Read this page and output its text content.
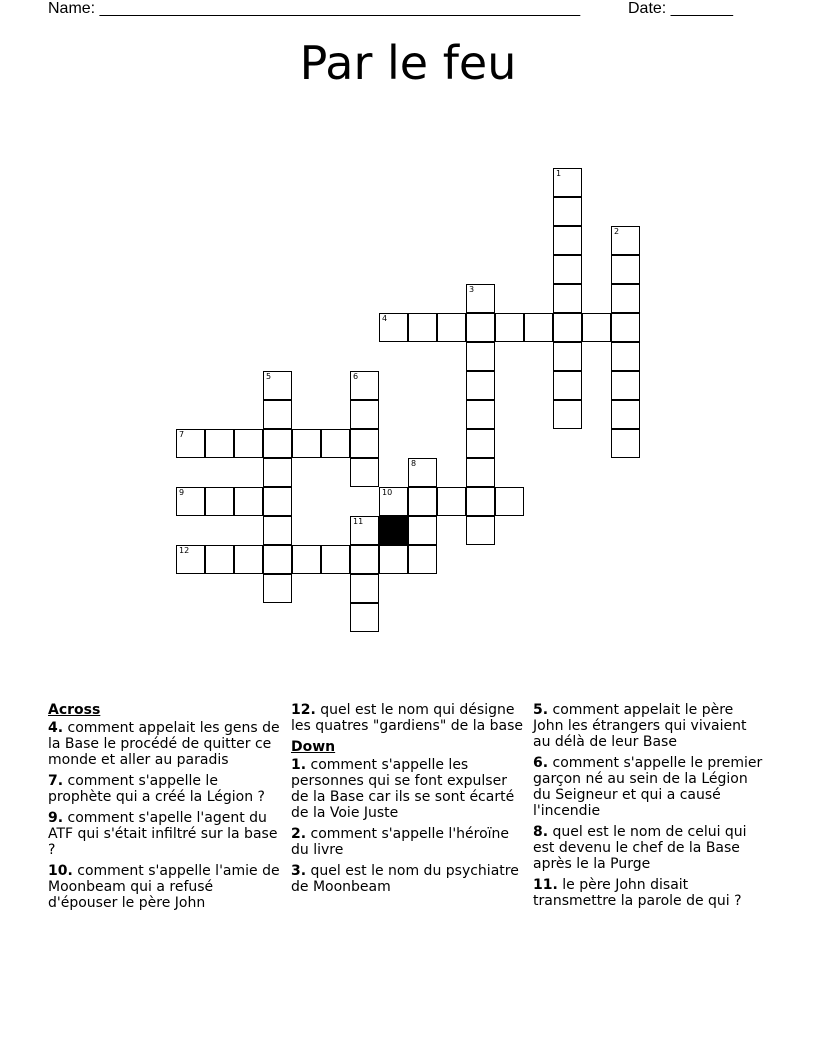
Name: ______________________________________________________	Date: _______
Par le feu
1
2
3
4
5	6
11
7
8
9	10
12
Across
4. comment appelait les gens de la Base le procédé de quitter ce monde et aller au paradis
7. comment s'appelle le prophète qui a créé la Légion ?
9. comment s'apelle l'agent du ATF qui s'était infiltré sur la base ?
10. comment s'appelle l'amie de Moonbeam qui a refusé d'épouser le père John
12. quel est le nom qui désigne les quatres "gardiens" de la base
Down
1. comment s'appelle les personnes qui se font expulser de la Base car ils se sont écarté de la Voie Juste
2. comment s'appelle l'héroïne du livre
3. quel est le nom du psychiatre de Moonbeam
5. comment appelait le père John les étrangers qui vivaient au délà de leur Base
6. comment s'appelle le premier garçon né au sein de la Légion du Seigneur et qui a causé l'incendie
8. quel est le nom de celui qui est devenu le chef de la Base après le la Purge
11. le père John disait transmettre la parole de qui ?
